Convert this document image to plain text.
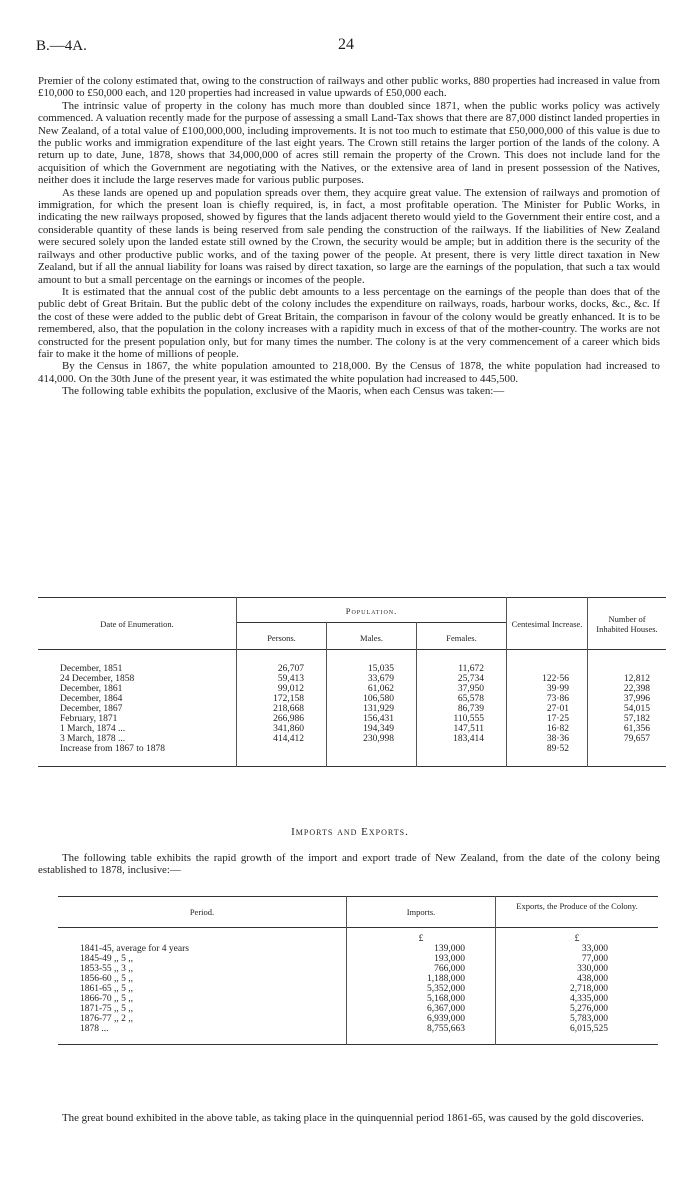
B.—4A.	24

Premier of the colony estimated that, owing to the construction of railways and other public works, 880 properties had increased in value from £10,000 to £50,000 each, and 120 properties had increased in value upwards of £50,000 each.

The intrinsic value of property in the colony has much more than doubled since 1871, when the public works policy was actively commenced. A valuation recently made for the purpose of assessing a small Land-Tax shows that there are 87,000 distinct landed properties in New Zealand, of a total value of £100,000,000, including improvements. It is not too much to estimate that £50,000,000 of this value is due to the public works and immigration expenditure of the last eight years. The Crown still retains the larger portion of the lands of the colony. A return up to date, June, 1878, shows that 34,000,000 of acres still remain the property of the Crown. This does not include land for the acquisition of which the Government are negotiating with the Natives, or the extensive area of land in present possession of the Natives, neither does it include the large reserves made for various public purposes.

As these lands are opened up and population spreads over them, they acquire great value. The extension of railways and promotion of immigration, for which the present loan is chiefly required, is, in fact, a most profitable operation. The Minister for Public Works, in indicating the new railways proposed, showed by figures that the lands adjacent thereto would yield to the Government their entire cost, and a considerable quantity of these lands is being reserved from sale pending the construction of the railways. If the liabilities of New Zealand were secured solely upon the landed estate still owned by the Crown, the security would be ample; but in addition there is the security of the railways and other productive public works, and of the taxing power of the people. At present, there is very little direct taxation in New Zealand, but if all the annual liability for loans was raised by direct taxation, so large are the earnings of the population, that such a tax would amount to but a small percentage on the earnings or incomes of the people.

It is estimated that the annual cost of the public debt amounts to a less percentage on the earnings of the people than does that of the public debt of Great Britain. But the public debt of the colony includes the expenditure on railways, roads, harbour works, docks, &c., &c. If the cost of these were added to the public debt of Great Britain, the comparison in favour of the colony would be greatly enhanced. It is to be remembered, also, that the population in the colony increases with a rapidity much in excess of that of the mother-country. The works are not constructed for the present population only, but for many times the number. The colony is at the very commencement of a career which bids fair to make it the home of millions of people.

By the Census in 1867, the white population amounted to 218,000. By the Census of 1878, the white population had increased to 414,000. On the 30th June of the present year, it was estimated the white population had increased to 445,500.

The following table exhibits the population, exclusive of the Maoris, when each Census was taken:—

Date of Enumeration.	Population.			Centesimal Increase.	Number of Inhabited Houses.
	Persons.	Males.	Females.		
December, 1851	26,707	15,035	11,672		
24 December, 1858	59,413	33,679	25,734	122·56	12,812
December, 1861	99,012	61,062	37,950	39·99	22,398
December, 1864	172,158	106,580	65,578	73·86	37,996
December, 1867	218,668	131,929	86,739	27·01	54,015
February, 1871	266,986	156,431	110,555	17·25	57,182
1 March, 1874 ...	341,860	194,349	147,511	16·82	61,356
3 March, 1878 ...	414,412	230,998	183,414	38·36	79,657
Increase from 1867 to 1878				89·52	
Imports and Exports.

The following table exhibits the rapid growth of the import and export trade of New Zealand, from the date of the colony being established to 1878, inclusive:—

Period.	Imports.	Exports, the Produce of the Colony.
	£	£
1841-45, average for 4 years	139,000	33,000
1845-49 ,, 5 ,,	193,000	77,000
1853-55 ,, 3 ,,	766,000	330,000
1856-60 ,, 5 ,,	1,188,000	438,000
1861-65 ,, 5 ,,	5,352,000	2,718,000
1866-70 ,, 5 ,,	5,168,000	4,335,000
1871-75 ,, 5 ,,	6,367,000	5,276,000
1876-77 ,, 2 ,,	6,939,000	5,783,000
1878 ...	8,755,663	6,015,525

The great bound exhibited in the above table, as taking place in the quinquennial period 1861-65, was caused by the gold discoveries.
